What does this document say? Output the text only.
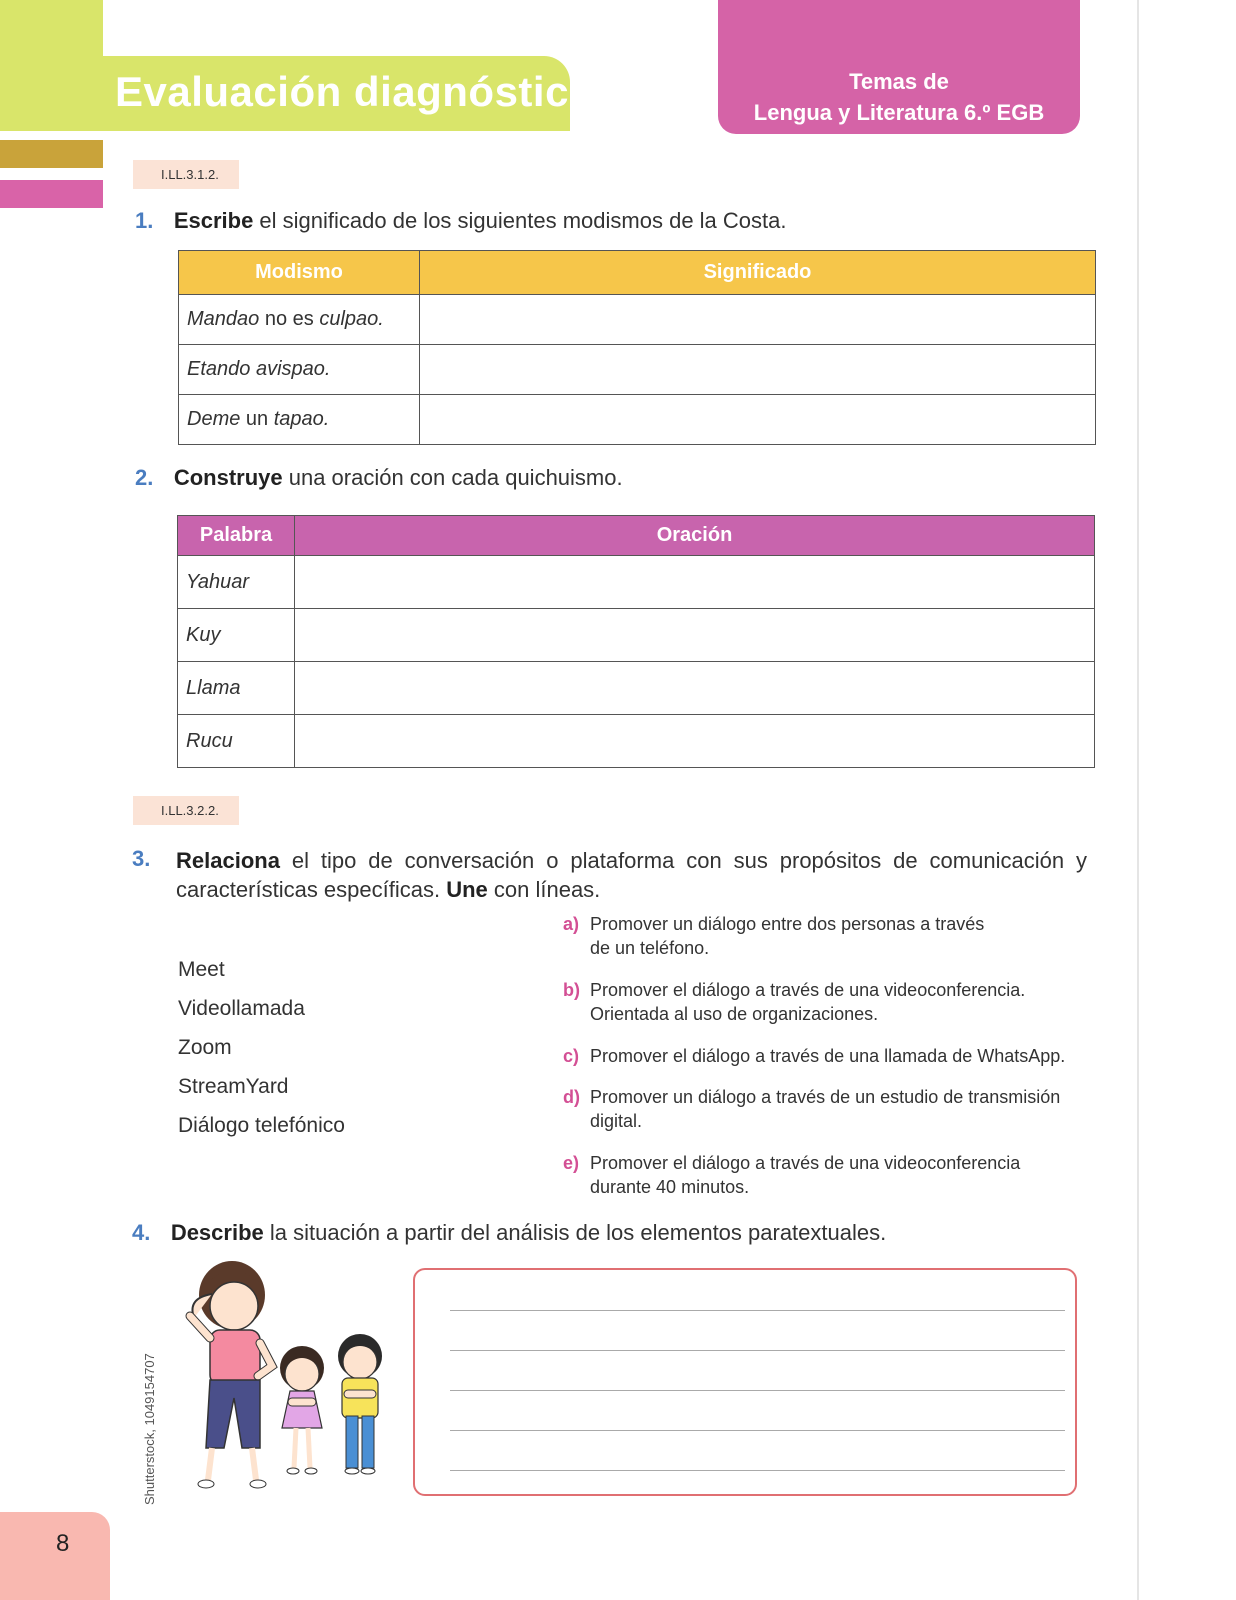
Evaluación diagnóstica	Temas de
Lengua y Literatura 6.º EGB
I.LL.3.1.2.
1. Escribe el significado de los siguientes modismos de la Costa.
Modismo	Significado
Mandao no es culpao.	
Etando avispao.	
Deme un tapao.	
2. Construye una oración con cada quichuismo.
Palabra	Oración
Yahuar	
Kuy	
Llama	
Rucu	
I.LL.3.2.2.
3. Relaciona el tipo de conversación o plataforma con sus propósitos de comunicación y características específicas. Une con líneas.
Meet
Videollamada
Zoom
StreamYard
Diálogo telefónico
a) Promover un diálogo entre dos personas a través
de un teléfono.
b) Promover el diálogo a través de una videoconferencia.
Orientada al uso de organizaciones.
c) Promover el diálogo a través de una llamada de WhatsApp.
d) Promover un diálogo a través de un estudio de transmisión
digital.
e) Promover el diálogo a través de una videoconferencia
durante 40 minutos.
4. Describe la situación a partir del análisis de los elementos paratextuales.
Shutterstock, 1049154707
8
